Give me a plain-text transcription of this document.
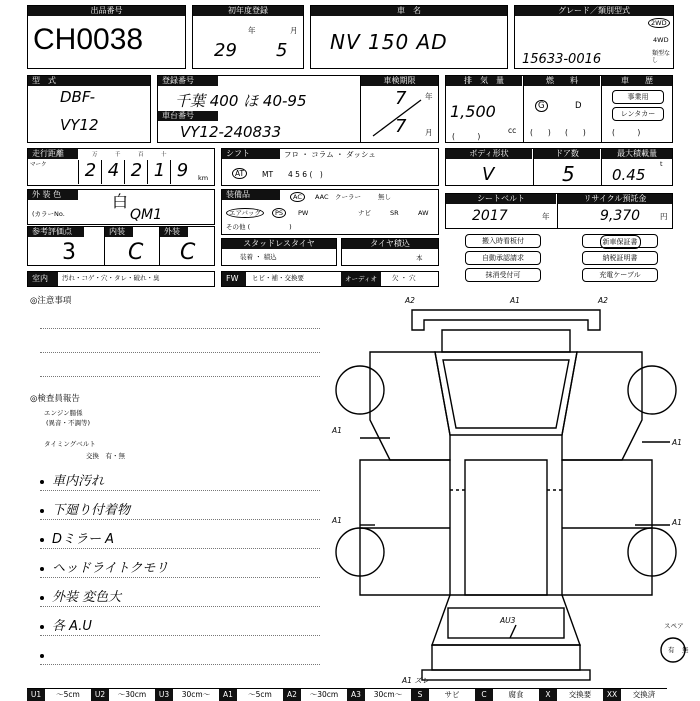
出品番号
CH0038
初年度登録
年	月
29 5
車　名
NV 150 AD
グレード／類別型式
15633-0016
2WD
4WD
類型なし
型　式
DBF-
VY12
登録番号
千葉 400 ほ 40-95
車台番号
VY12-240833
車検期限
7 年
7 月
排　気　量
1,500
cc
(　　　)
燃　　料
G	D
(　　) (　　)
車　　歴
事業用
レンタカー
(　　　)
走行距離
マーク	2 4 2 1 9
万	千	百	十
km
シフト	フロ ・ コラム ・ ダッシュ
AT	MT 4 5 6 (　)
ボディ形状
V
ドア数
5
最大積載量
0.45
t
外 装 色	白
(カラーNo.	QM1
装備品	AC	AAC クーラー	無し
エアバッグ	PS	PW	ナビ	SR	AW
その他 (　　　　　　)
シートベルト
2017	年
リサイクル預託金
9,370	円
参考評価点
3
内装
C
外装
C	スタッドレスタイヤ
装着 ・ 積込
タイヤ積込
本
搬入時看板付	新車保証書
自動承認請求	納税証明書
抹消受付可	充電ケーブル
室内	汚れ・コゲ・穴・タレ・破れ・臭	FW	ヒビ・補・交換要	オーディオ	欠 ・ 穴
◎注意事項
◎検査員報告
エンジン腸係
(異音・不調等)
タイミングベルト
交換　有・無
車内汚れ
下廻り付着物
Dミラー A
ヘッドライトクモリ
外装 変色大
各 A.U
A2	A1	A2
A1
A1
A1	A1
AU3
A1 ズレ
スペア
有 無
U1	～5cm	U2	～30cm	U3	30cm～	A1	～5cm	A2	～30cm	A3	30cm～	S	サビ	C	腐食	X	交換要	XX	交換済
